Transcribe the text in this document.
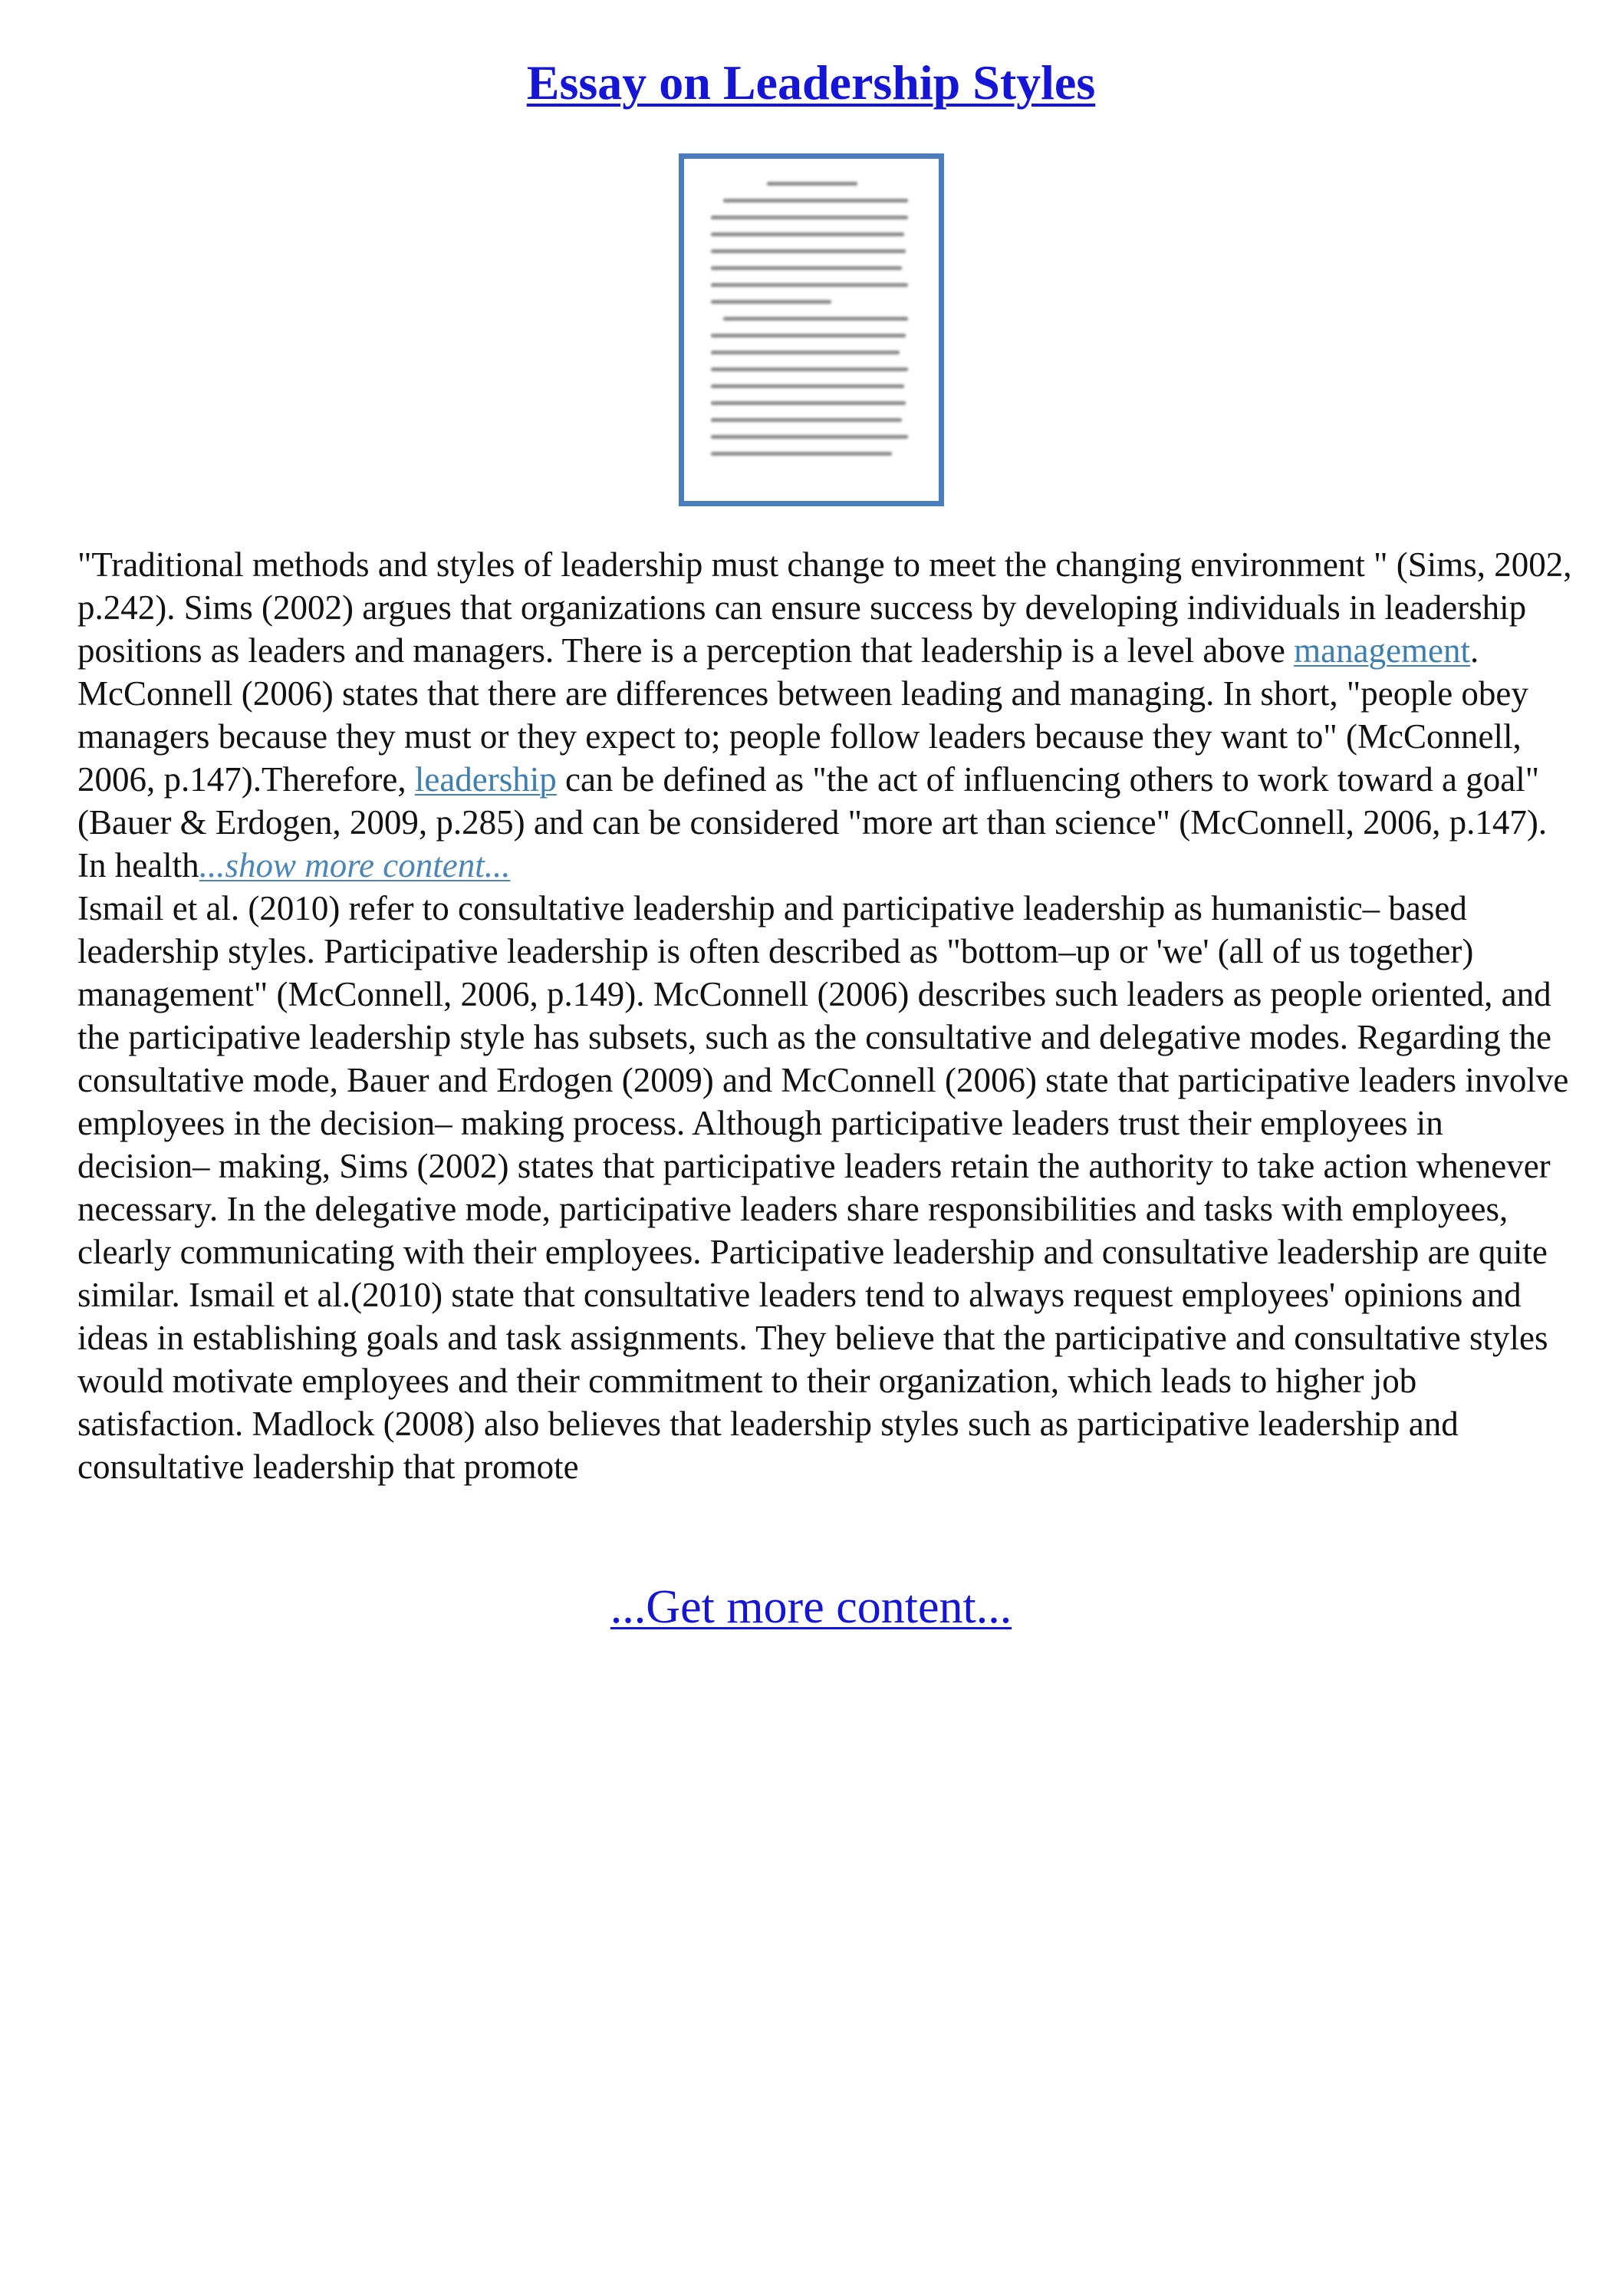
Essay on Leadership Styles

"Traditional methods and styles of leadership must change to meet the changing environment " (Sims, 2002, p.242). Sims (2002) argues that organizations can ensure success by developing individuals in leadership positions as leaders and managers. There is a perception that leadership is a level above management. McConnell (2006) states that there are differences between leading and managing. In short, "people obey managers because they must or they expect to; people follow leaders because they want to" (McConnell, 2006, p.147).Therefore, leadership can be defined as "the act of influencing others to work toward a goal" (Bauer & Erdogen, 2009, p.285) and can be considered "more art than science" (McConnell, 2006, p.147). In health...show more content...
Ismail et al. (2010) refer to consultative leadership and participative leadership as humanistic– based leadership styles. Participative leadership is often described as "bottom–up or 'we' (all of us together) management" (McConnell, 2006, p.149). McConnell (2006) describes such leaders as people oriented, and the participative leadership style has subsets, such as the consultative and delegative modes. Regarding the consultative mode, Bauer and Erdogen (2009) and McConnell (2006) state that participative leaders involve employees in the decision– making process. Although participative leaders trust their employees in decision– making, Sims (2002) states that participative leaders retain the authority to take action whenever necessary. In the delegative mode, participative leaders share responsibilities and tasks with employees, clearly communicating with their employees. Participative leadership and consultative leadership are quite similar. Ismail et al.(2010) state that consultative leaders tend to always request employees' opinions and ideas in establishing goals and task assignments. They believe that the participative and consultative styles would motivate employees and their commitment to their organization, which leads to higher job satisfaction. Madlock (2008) also believes that leadership styles such as participative leadership and consultative leadership that promote

...Get more content...
